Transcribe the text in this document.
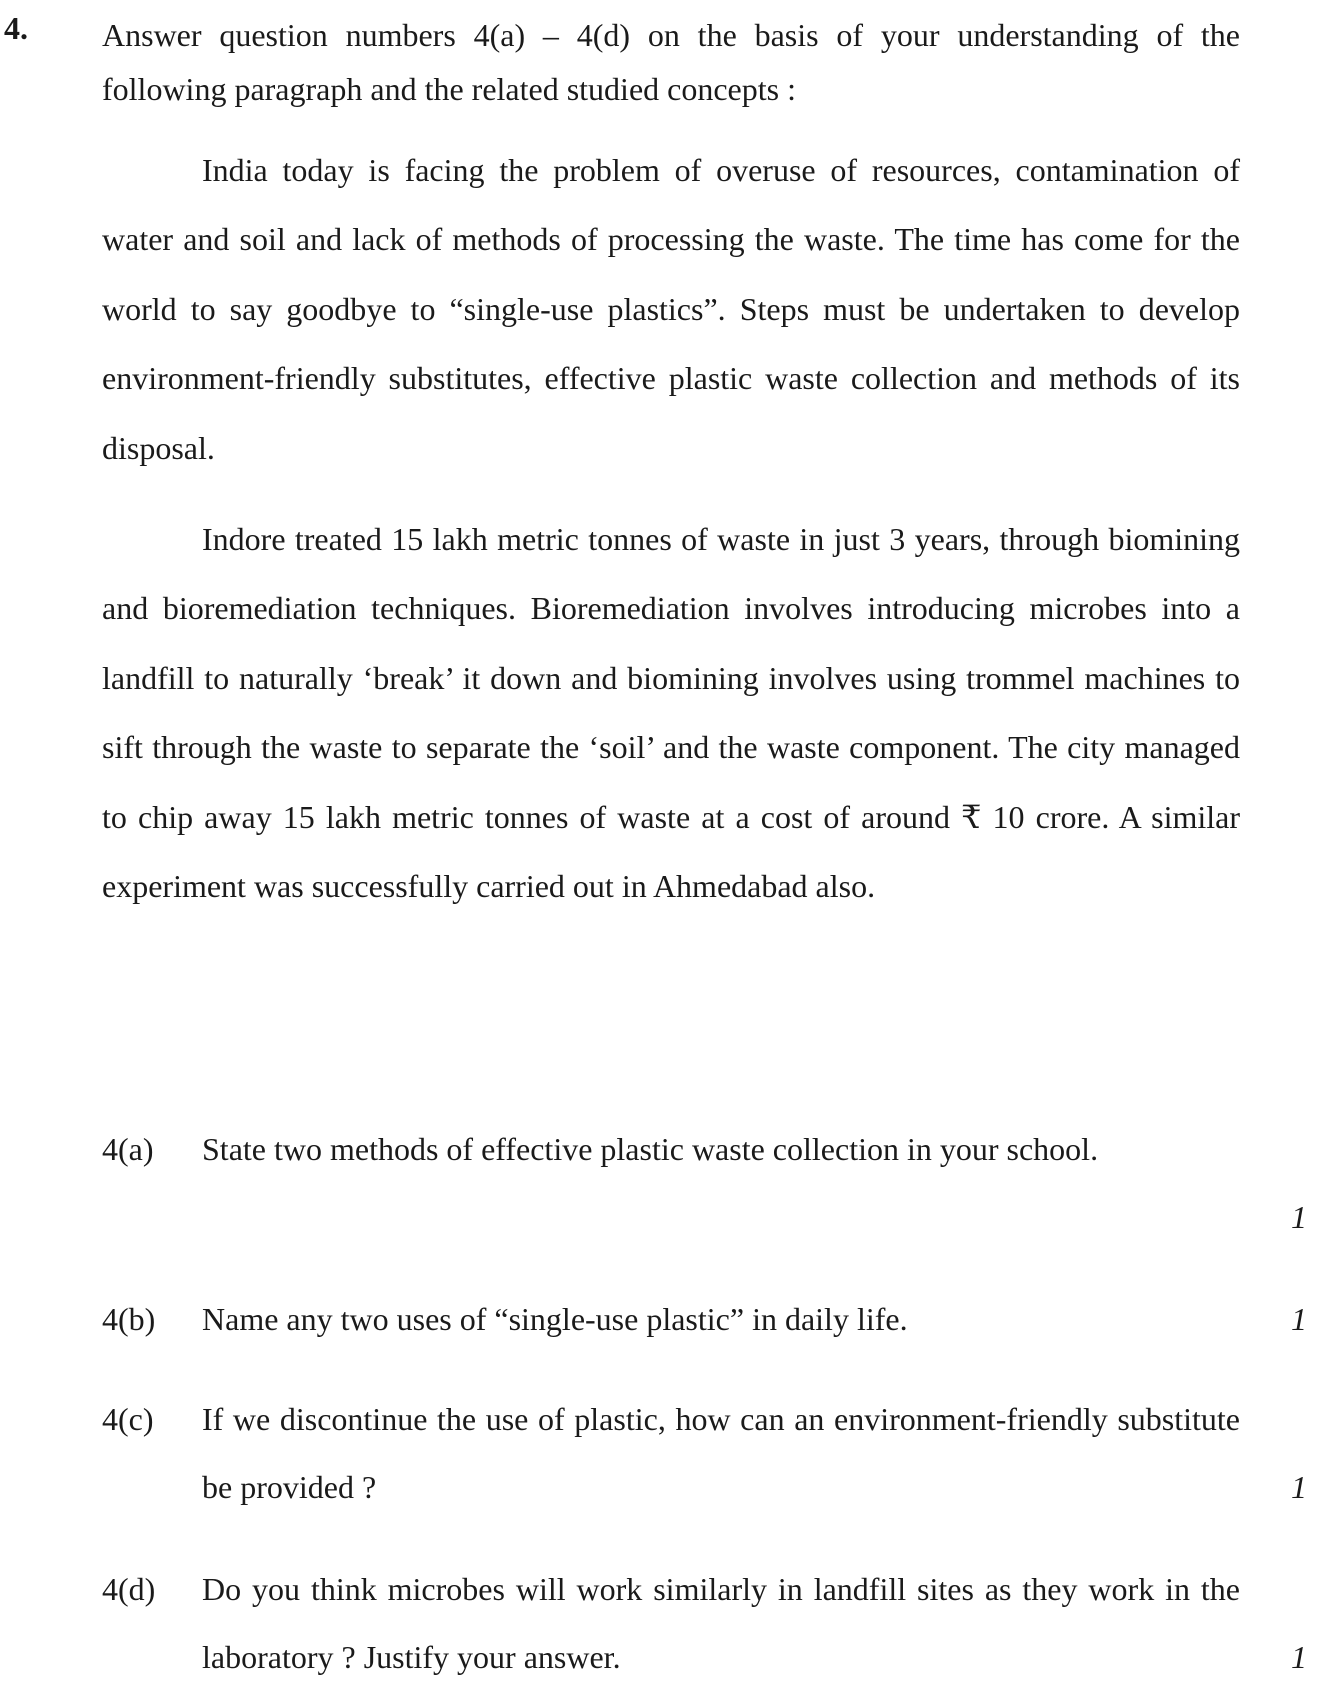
4. Answer question numbers 4(a) – 4(d) on the basis of your understanding of the following paragraph and the related studied concepts :

India today is facing the problem of overuse of resources, contamination of water and soil and lack of methods of processing the waste. The time has come for the world to say goodbye to “single-use plastics”. Steps must be undertaken to develop environment-friendly substitutes, effective plastic waste collection and methods of its disposal.

Indore treated 15 lakh metric tonnes of waste in just 3 years, through biomining and bioremediation techniques. Bioremediation involves introducing microbes into a landfill to naturally ‘break’ it down and biomining involves using trommel machines to sift through the waste to separate the ‘soil’ and the waste component. The city managed to chip away 15 lakh metric tonnes of waste at a cost of around ₹ 10 crore. A similar experiment was successfully carried out in Ahmedabad also.

4(a) State two methods of effective plastic waste collection in your school.
1
4(b) Name any two uses of “single-use plastic” in daily life.	1
4(c) If we discontinue the use of plastic, how can an environment-friendly substitute be provided ?	1
4(d) Do you think microbes will work similarly in landfill sites as they work in the laboratory ? Justify your answer.	1
